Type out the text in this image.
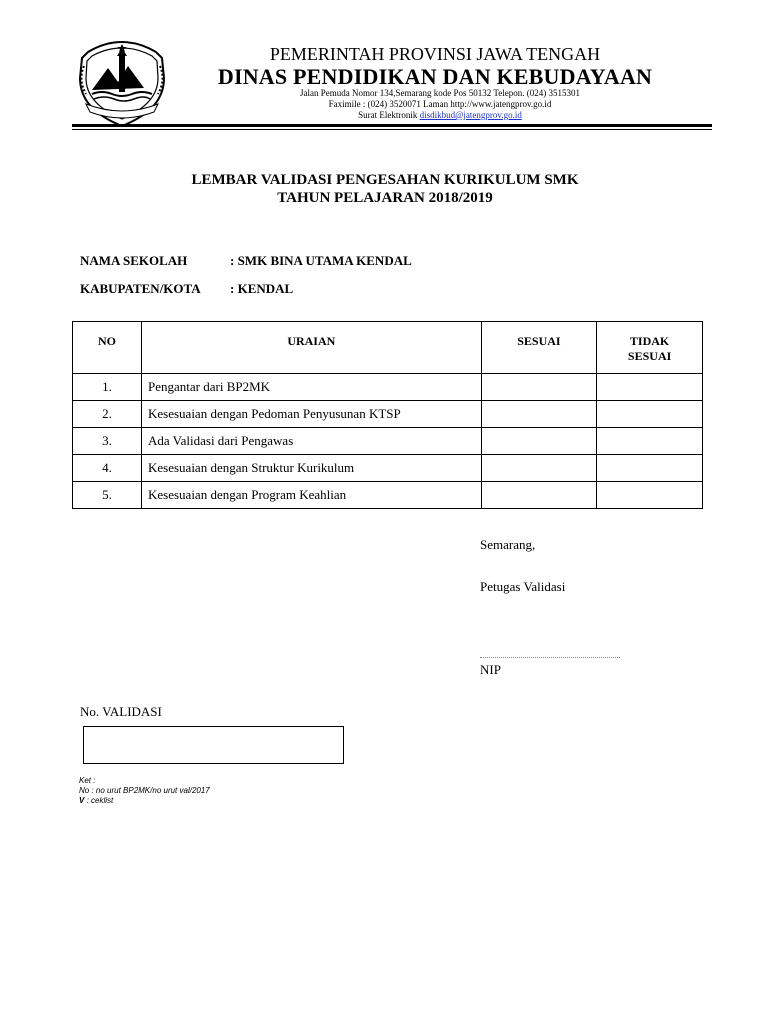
PEMERINTAH PROVINSI JAWA TENGAH
DINAS PENDIDIKAN DAN KEBUDAYAAN
Jalan Pemuda Nomor 134,Semarang kode Pos 50132 Telepon. (024) 3515301
Faximile : (024) 3520071 Laman http://www.jatengprov.go.id
Surat Elektronik disdikbud@jatengprov.go.id
LEMBAR VALIDASI PENGESAHAN KURIKULUM SMK
TAHUN PELAJARAN 2018/2019
NAMA SEKOLAH	: SMK BINA UTAMA KENDAL
KABUPATEN/KOTA : KENDAL
NO	URAIAN	SESUAI	TIDAK
SESUAI
1.	Pengantar dari BP2MK		
2.	Kesesuaian dengan Pedoman Penyusunan KTSP		
3.	Ada Validasi dari Pengawas		
4.	Kesesuaian dengan Struktur Kurikulum		
5.	Kesesuaian dengan Program Keahlian		
Semarang,
Petugas Validasi
NIP
No. VALIDASI
Ket :
No : no urut BP2MK/no urut val/2017
V : ceklist
